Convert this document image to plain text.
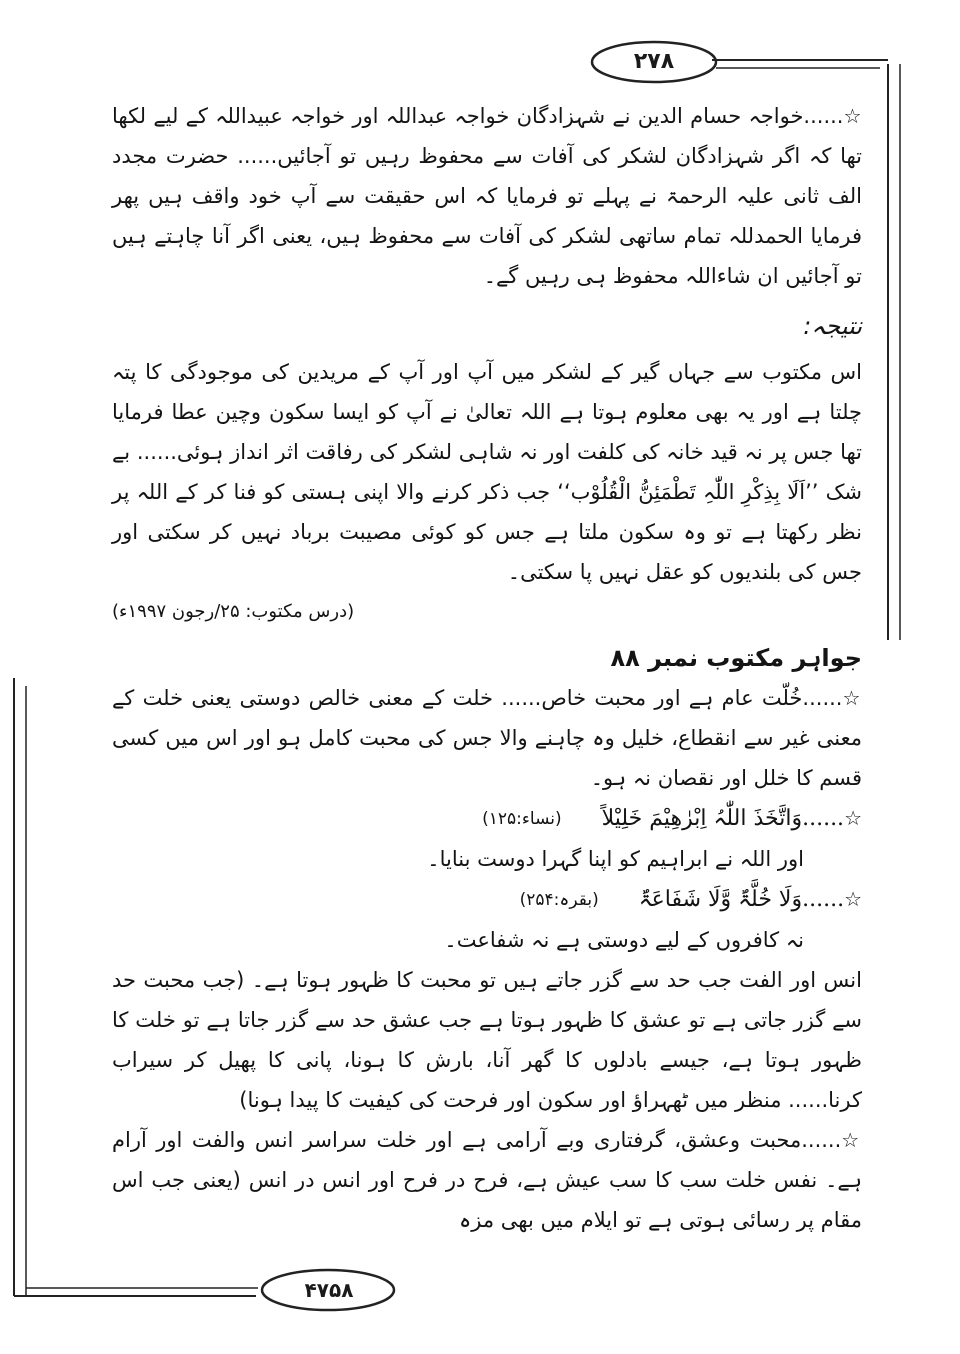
۲۷۸
۴۷۵۸

☆......خواجہ حسام الدین نے شہزادگان خواجہ عبداللہ اور خواجہ عبیداللہ کے لیے لکھا تھا کہ اگر شہزادگان لشکر کی آفات سے محفوظ رہیں تو آجائیں...... حضرت مجدد الف ثانی علیہ الرحمۃ نے پہلے تو فرمایا کہ اس حقیقت سے آپ خود واقف ہیں پھر فرمایا الحمدللہ تمام ساتھی لشکر کی آفات سے محفوظ ہیں، یعنی اگر آنا چاہتے ہیں تو آجائیں ان شاءاللہ محفوظ ہی رہیں گے۔

نتیجہ:

اس مکتوب سے جہاں گیر کے لشکر میں آپ اور آپ کے مریدین کی موجودگی کا پتہ چلتا ہے اور یہ بھی معلوم ہوتا ہے اللہ تعالیٰ نے آپ کو ایسا سکون وچین عطا فرمایا تھا جس پر نہ قید خانہ کی کلفت اور نہ شاہی لشکر کی رفاقت اثر انداز ہوئی...... بے شک ’’اَلَا بِذِکْرِ اللّٰہِ تَطْمَئِنُّ الْقُلُوْب‘‘ جب ذکر کرنے والا اپنی ہستی کو فنا کر کے اللہ پر نظر رکھتا ہے تو وہ سکون ملتا ہے جس کو کوئی مصیبت برباد نہیں کر سکتی اور جس کی بلندیوں کو عقل نہیں پا سکتی۔

(درس مکتوب: ۲۵/رجون ۱۹۹۷ء)

جواہر مکتوب نمبر ۸۸

☆......خُلّت عام ہے اور محبت خاص...... خلت کے معنی خالص دوستی یعنی خلت کے معنی غیر سے انقطاع، خلیل وہ چاہنے والا جس کی محبت کامل ہو اور اس میں کسی قسم کا خلل اور نقصان نہ ہو۔

☆......وَاتَّخَذَ اللّٰہُ اِبْرٰھِیْمَ خَلِیْلاً
(نساء:۱۲۵)

اور اللہ نے ابراہیم کو اپنا گہرا دوست بنایا۔

☆......وَلَا خُلَّۃٌ وَّلَا شَفَاعَۃٌ
(بقرہ:۲۵۴)

نہ کافروں کے لیے دوستی ہے نہ شفاعت۔

انس اور الفت جب حد سے گزر جاتے ہیں تو محبت کا ظہور ہوتا ہے۔ (جب محبت حد سے گزر جاتی ہے تو عشق کا ظہور ہوتا ہے جب عشق حد سے گزر جاتا ہے تو خلت کا ظہور ہوتا ہے، جیسے بادلوں کا گھر آنا، بارش کا ہونا، پانی کا پھیل کر سیراب کرنا...... منظر میں ٹھہراؤ اور سکون اور فرحت کی کیفیت کا پیدا ہونا)

☆......محبت وعشق، گرفتاری وبے آرامی ہے اور خلت سراسر انس والفت اور آرام ہے۔ نفس خلت سب کا سب عیش ہے، فرح در فرح اور انس در انس (یعنی جب اس مقام پر رسائی ہوتی ہے تو ایلام میں بھی مزہ
